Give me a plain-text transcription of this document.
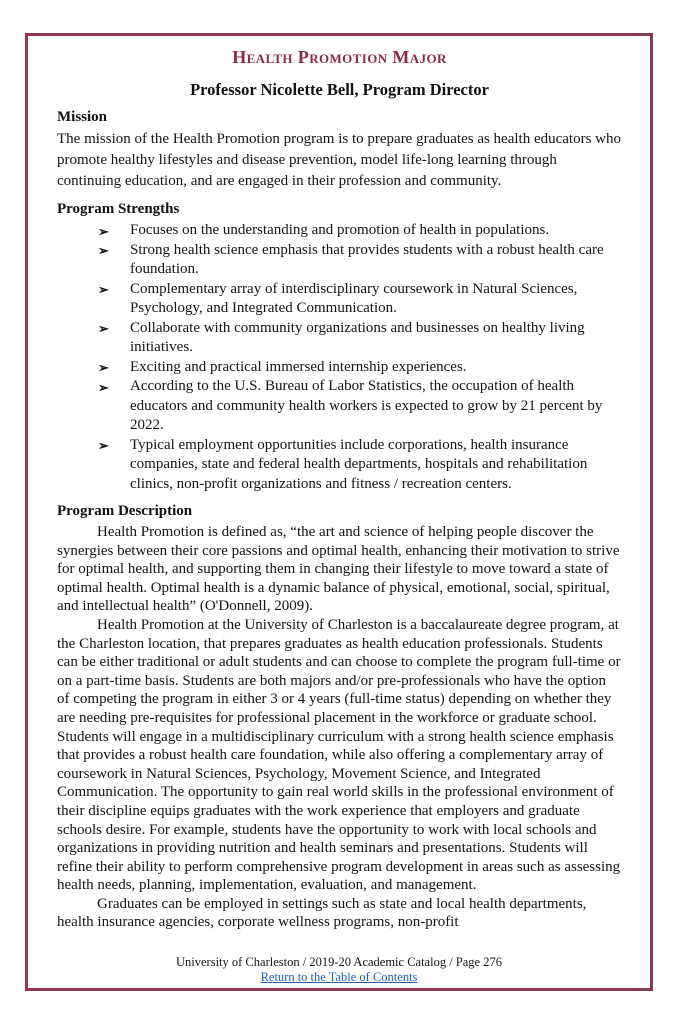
Health Promotion Major
Professor Nicolette Bell, Program Director
Mission

The mission of the Health Promotion program is to prepare graduates as health educators who promote healthy lifestyles and disease prevention, model life-long learning through continuing education, and are engaged in their profession and community.

Program Strengths
➢ Focuses on the understanding and promotion of health in populations.
➢ Strong health science emphasis that provides students with a robust health care foundation.
➢ Complementary array of interdisciplinary coursework in Natural Sciences, Psychology, and Integrated Communication.
➢ Collaborate with community organizations and businesses on healthy living initiatives.
➢ Exciting and practical immersed internship experiences.
➢ According to the U.S. Bureau of Labor Statistics, the occupation of health educators and community health workers is expected to grow by 21 percent by 2022.
➢ Typical employment opportunities include corporations, health insurance companies, state and federal health departments, hospitals and rehabilitation clinics, non-profit organizations and fitness / recreation centers.
Program Description

Health Promotion is defined as, “the art and science of helping people discover the synergies between their core passions and optimal health, enhancing their motivation to strive for optimal health, and supporting them in changing their lifestyle to move toward a state of optimal health. Optimal health is a dynamic balance of physical, emotional, social, spiritual, and intellectual health” (O'Donnell, 2009).

Health Promotion at the University of Charleston is a baccalaureate degree program, at the Charleston location, that prepares graduates as health education professionals. Students can be either traditional or adult students and can choose to complete the program full-time or on a part-time basis. Students are both majors and/or pre-professionals who have the option of competing the program in either 3 or 4 years (full-time status) depending on whether they are needing pre-requisites for professional placement in the workforce or graduate school. Students will engage in a multidisciplinary curriculum with a strong health science emphasis that provides a robust health care foundation, while also offering a complementary array of coursework in Natural Sciences, Psychology, Movement Science, and Integrated Communication. The opportunity to gain real world skills in the professional environment of their discipline equips graduates with the work experience that employers and graduate schools desire. For example, students have the opportunity to work with local schools and organizations in providing nutrition and health seminars and presentations. Students will refine their ability to perform comprehensive program development in areas such as assessing health needs, planning, implementation, evaluation, and management.

Graduates can be employed in settings such as state and local health departments, health insurance agencies, corporate wellness programs, non-profit

University of Charleston / 2019-20 Academic Catalog / Page 276
Return to the Table of Contents
